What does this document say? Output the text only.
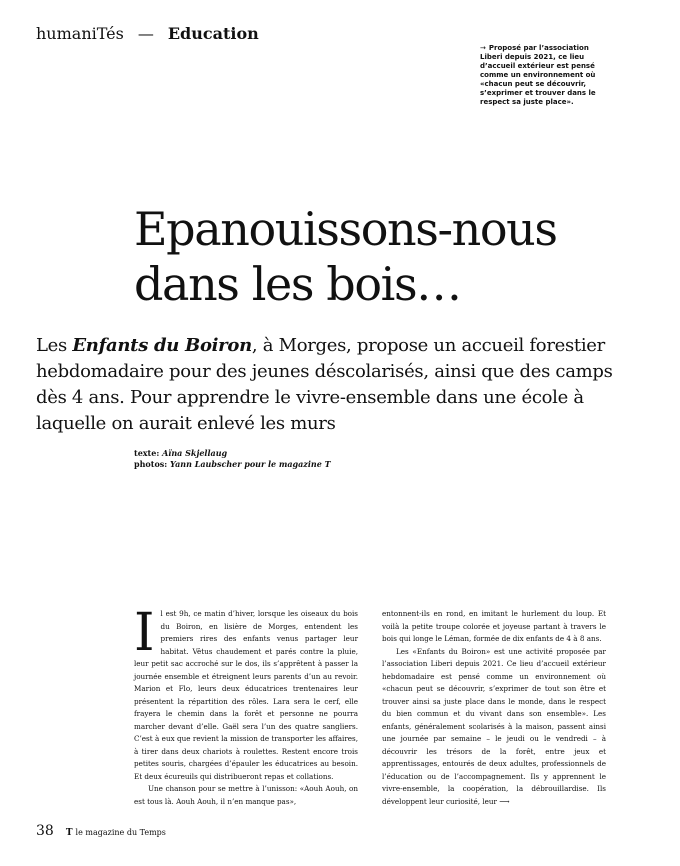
humaniTés — Education
→ Proposé par l’association Liberi depuis 2021, ce lieu d’accueil extérieur est pensé comme un environnement où «chacun peut se découvrir, s’exprimer et trouver dans le respect sa juste place».
Epanouissons-nous dans les bois…

Les Enfants du Boiron, à Morges, propose un accueil forestier hebdomadaire pour des jeunes déscolarisés, ainsi que des camps dès 4 ans. Pour apprendre le vivre-ensemble dans une école à laquelle on aurait enlevé les murs

texte: Aïna Skjellaug
photos: Yann Laubscher pour le magazine T

Il est 9h, ce matin d’hiver, lorsque les oiseaux du bois du Boiron, en lisière de Morges, entendent les premiers rires des enfants venus partager leur habitat. Vêtus chaudement et parés contre la pluie, leur petit sac accroché sur le dos, ils s’apprêtent à passer la journée ensemble et étreignent leurs parents d’un au revoir. Marion et Flo, leurs deux éducatrices trentenaires leur présentent la répartition des rôles. Lara sera le cerf, elle frayera le chemin dans la forêt et personne ne pourra marcher devant d’elle. Gaël sera l’un des quatre sangliers. C’est à eux que revient la mission de transporter les affaires, à tirer dans deux chariots à roulettes. Restent encore trois petites souris, chargées d’épauler les éducatrices au besoin. Et deux écureuils qui distribueront repas et collations.

Une chanson pour se mettre à l’unisson: «Aouh Aouh, on est tous là. Aouh Aouh, il n’en manque pas»,

entonnent-ils en rond, en imitant le hurlement du loup. Et voilà la petite troupe colorée et joyeuse partant à travers le bois qui longe le Léman, formée de dix enfants de 4 à 8 ans.

Les «Enfants du Boiron» est une activité proposée par l’association Liberi depuis 2021. Ce lieu d’accueil extérieur hebdomadaire est pensé comme un environnement où «chacun peut se découvrir, s’exprimer de tout son être et trouver ainsi sa juste place dans le monde, dans le respect du bien commun et du vivant dans son ensemble». Les enfants, généralement scolarisés à la maison, passent ainsi une journée par semaine – le jeudi ou le vendredi – à découvrir les trésors de la forêt, entre jeux et apprentissages, entourés de deux adultes, professionnels de l’éducation ou de l’accompagnement. Ils y apprennent le vivre-ensemble, la coopération, la débrouillardise. Ils développent leur curiosité, leur ⟶

38 T le magazine du Temps
